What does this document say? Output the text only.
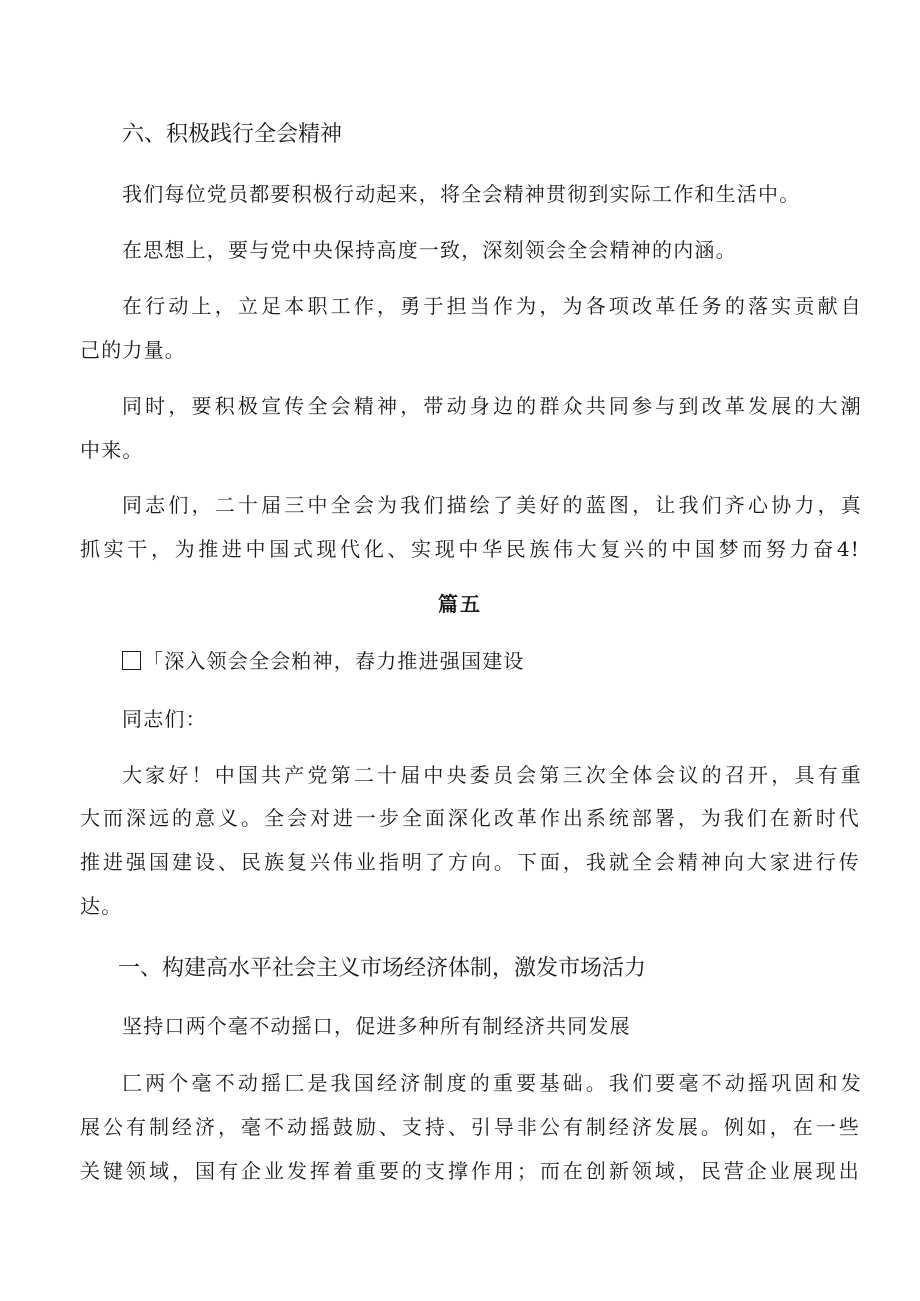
六、积极践行全会精神
我们每位党员都要积极行动起来，将全会精神贯彻到实际工作和生活中。
在思想上，要与党中央保持高度一致，深刻领会全会精神的内涵。
在行动上，立足本职工作，勇于担当作为，为各项改革任务的落实贡献自
己的力量。
同时，要积极宣传全会精神，带动身边的群众共同参与到改革发展的大潮
中来。
同志们，二十届三中全会为我们描绘了美好的蓝图，让我们齐心协力，真
抓实干，为推进中国式现代化、实现中华民族伟大复兴的中国梦而努力奋4!
篇五
「深入领会全会粕神，舂力推进强国建设
同志们：
大家好！中国共产党第二十届中央委员会第三次全体会议的召开，具有重
大而深远的意义。全会对进一步全面深化改革作出系统部署，为我们在新时代
推进强国建设、民族复兴伟业指明了方向。下面，我就全会精神向大家进行传
达。
一、构建高水平社会主义市场经济体制，激发市场活力
坚持口两个毫不动摇口，促进多种所有制经济共同发展
匚两个毫不动摇匚是我国经济制度的重要基础。我们要毫不动摇巩固和发
展公有制经济，毫不动摇鼓励、支持、引导非公有制经济发展。例如，在一些
关键领域，国有企业发挥着重要的支撑作用；而在创新领域，民营企业展现出
